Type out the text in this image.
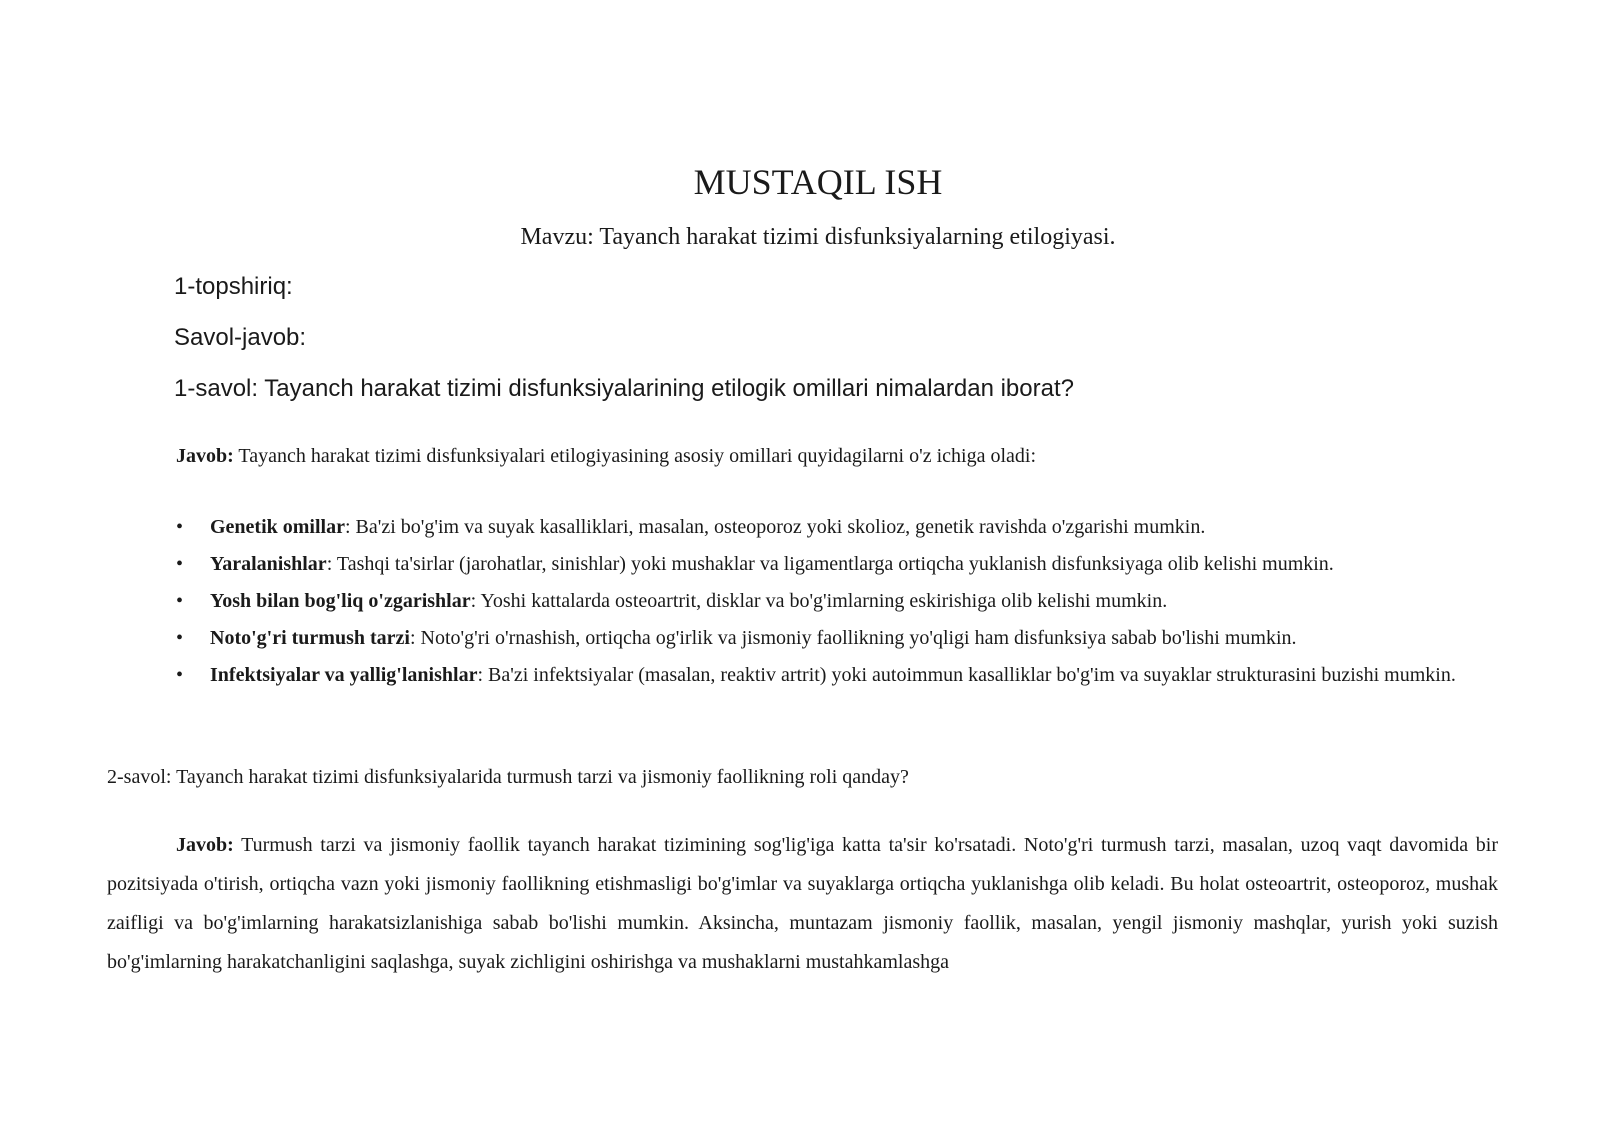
MUSTAQIL ISH
Mavzu: Tayanch harakat tizimi disfunksiyalarning etilogiyasi.
1-topshiriq:
Savol-javob:
1-savol: Tayanch harakat tizimi disfunksiyalarining etilogik omillari nimalardan iborat?
Javob: Tayanch harakat tizimi disfunksiyalari etilogiyasining asosiy omillari quyidagilarni o'z ichiga oladi:
• Genetik omillar: Ba'zi bo'g'im va suyak kasalliklari, masalan, osteoporoz yoki skolioz, genetik ravishda o'zgarishi mumkin.
• Yaralanishlar: Tashqi ta'sirlar (jarohatlar, sinishlar) yoki mushaklar va ligamentlarga ortiqcha yuklanish disfunksiyaga olib kelishi mumkin.
• Yosh bilan bog'liq o'zgarishlar: Yoshi kattalarda osteoartrit, disklar va bo'g'imlarning eskirishiga olib kelishi mumkin.
• Noto'g'ri turmush tarzi: Noto'g'ri o'rnashish, ortiqcha og'irlik va jismoniy faollikning yo'qligi ham disfunksiya sabab bo'lishi mumkin.
• Infektsiyalar va yallig'lanishlar: Ba'zi infektsiyalar (masalan, reaktiv artrit) yoki autoimmun kasalliklar bo'g'im va suyaklar strukturasini buzishi mumkin.
2-savol: Tayanch harakat tizimi disfunksiyalarida turmush tarzi va jismoniy faollikning roli qanday?

Javob: Turmush tarzi va jismoniy faollik tayanch harakat tizimining sog'lig'iga katta ta'sir ko'rsatadi. Noto'g'ri turmush tarzi, masalan, uzoq vaqt davomida bir pozitsiyada o'tirish, ortiqcha vazn yoki jismoniy faollikning etishmasligi bo'g'imlar va suyaklarga ortiqcha yuklanishga olib keladi. Bu holat osteoartrit, osteoporoz, mushak zaifligi va bo'g'imlarning harakatsizlanishiga sabab bo'lishi mumkin. Aksincha, muntazam jismoniy faollik, masalan, yengil jismoniy mashqlar, yurish yoki suzish bo'g'imlarning harakatchanligini saqlashga, suyak zichligini oshirishga va mushaklarni mustahkamlashga
